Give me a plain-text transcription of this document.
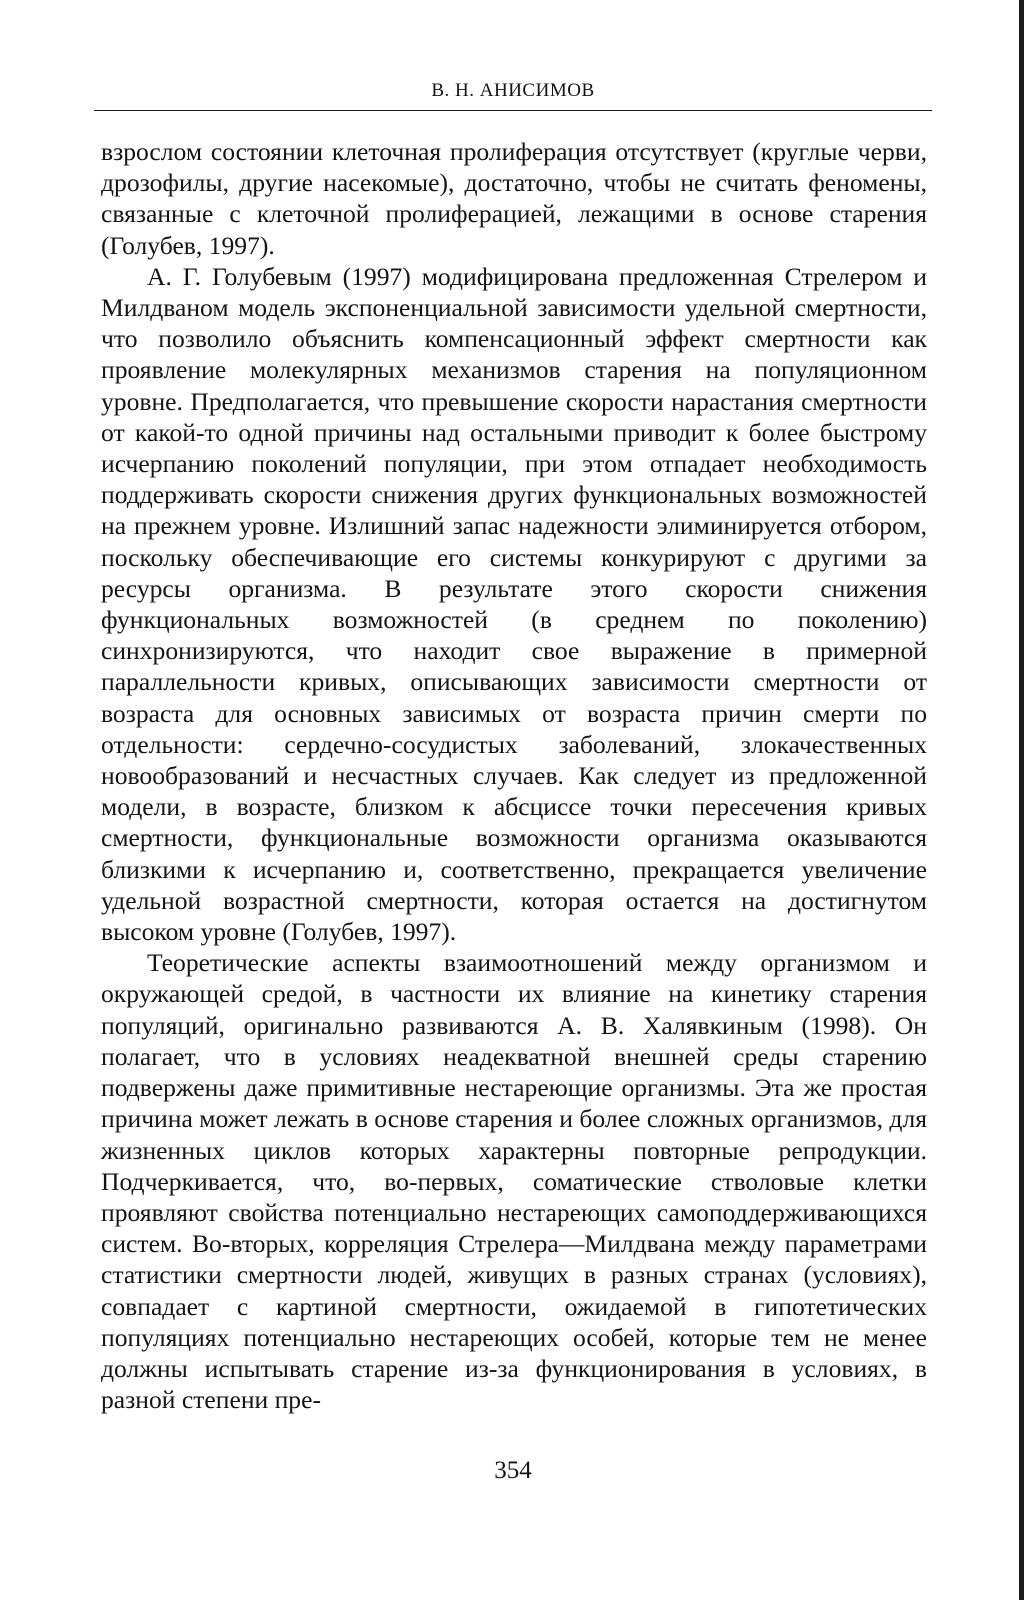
В. Н. АНИСИМОВ

взрослом состоянии клеточная пролиферация отсутствует (круглые черви, дрозофилы, другие насекомые), достаточно, чтобы не считать феномены, связанные с клеточной пролиферацией, лежащими в основе старения (Голубев, 1997).

А. Г. Голубевым (1997) модифицирована предложенная Стрелером и Милдваном модель экспоненциальной зависимости удельной смертности, что позволило объяснить компенсационный эффект смертности как проявление молекулярных механизмов старения на популяционном уровне. Предполагается, что превышение скорости нарастания смертности от какой-то одной причины над остальными приводит к более быстрому исчерпанию поколений популяции, при этом отпадает необходимость поддерживать скорости снижения других функциональных возможностей на прежнем уровне. Излишний запас надежности элиминируется отбором, поскольку обеспечивающие его системы конкурируют с другими за ресурсы организма. В результате этого скорости снижения функциональных возможностей (в среднем по поколению) синхронизируются, что находит свое выражение в примерной параллельности кривых, описывающих зависимости смертности от возраста для основных зависимых от возраста причин смерти по отдельности: сердечно-сосудистых заболеваний, злокачественных новообразований и несчастных случаев. Как следует из предложенной модели, в возрасте, близком к абсциссе точки пересечения кривых смертности, функциональные возможности организма оказываются близкими к исчерпанию и, соответственно, прекращается увеличение удельной возрастной смертности, которая остается на достигнутом высоком уровне (Голубев, 1997).

Теоретические аспекты взаимоотношений между организмом и окружающей средой, в частности их влияние на кинетику старения популяций, оригинально развиваются А. В. Халявкиным (1998). Он полагает, что в условиях неадекватной внешней среды старению подвержены даже примитивные нестареющие организмы. Эта же простая причина может лежать в основе старения и более сложных организмов, для жизненных циклов которых характерны повторные репродукции. Подчеркивается, что, во-первых, соматические стволовые клетки проявляют свойства потенциально нестареющих самоподдерживающихся систем. Во-вторых, корреляция Стрелера—Милдвана между параметрами статистики смертности людей, живущих в разных странах (условиях), совпадает с картиной смертности, ожидаемой в гипотетических популяциях потенциально нестареющих особей, которые тем не менее должны испытывать старение из-за функционирования в условиях, в разной степени пре-

354
